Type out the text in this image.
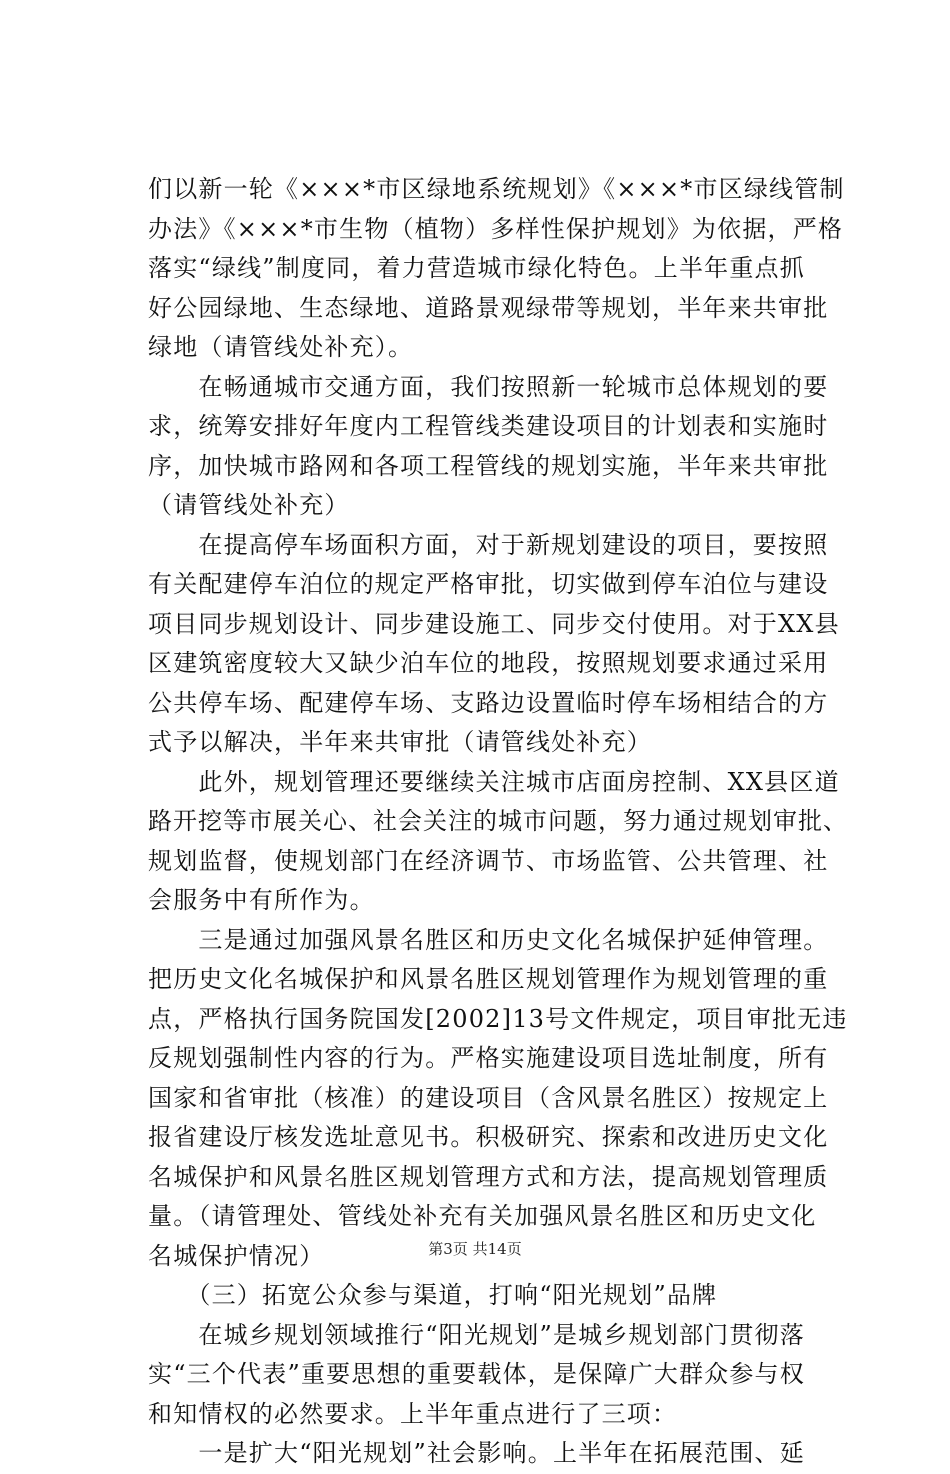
们以新一轮《×××*市区绿地系统规划》《×××*市区绿线管制
办法》《×××*市生物（植物）多样性保护规划》为依据，严格
落实“绿线”制度同，着力营造城市绿化特色。上半年重点抓
好公园绿地、生态绿地、道路景观绿带等规划，半年来共审批
绿地（请管线处补充）。
　　在畅通城市交通方面，我们按照新一轮城市总体规划的要
求，统筹安排好年度内工程管线类建设项目的计划表和实施时
序，加快城市路网和各项工程管线的规划实施，半年来共审批
（请管线处补充）
　　在提高停车场面积方面，对于新规划建设的项目，要按照
有关配建停车泊位的规定严格审批，切实做到停车泊位与建设
项目同步规划设计、同步建设施工、同步交付使用。对于XX县
区建筑密度较大又缺少泊车位的地段，按照规划要求通过采用
公共停车场、配建停车场、支路边设置临时停车场相结合的方
式予以解决，半年来共审批（请管线处补充）
　　此外，规划管理还要继续关注城市店面房控制、XX县区道
路开挖等市展关心、社会关注的城市问题，努力通过规划审批、
规划监督，使规划部门在经济调节、市场监管、公共管理、社
会服务中有所作为。
　　三是通过加强风景名胜区和历史文化名城保护延伸管理。
把历史文化名城保护和风景名胜区规划管理作为规划管理的重
点，严格执行国务院国发[2002]13号文件规定，项目审批无违
反规划强制性内容的行为。严格实施建设项目选址制度，所有
国家和省审批（核准）的建设项目（含风景名胜区）按规定上
报省建设厅核发选址意见书。积极研究、探索和改进历史文化
名城保护和风景名胜区规划管理方式和方法，提高规划管理质
量。（请管理处、管线处补充有关加强风景名胜区和历史文化
名城保护情况）
　　（三）拓宽公众参与渠道，打响“阳光规划”品牌
　　在城乡规划领域推行“阳光规划”是城乡规划部门贯彻落
实“三个代表”重要思想的重要载体，是保障广大群众参与权
和知情权的必然要求。上半年重点进行了三项：
　　一是扩大“阳光规划”社会影响。上半年在拓展范围、延
第3页 共14页
